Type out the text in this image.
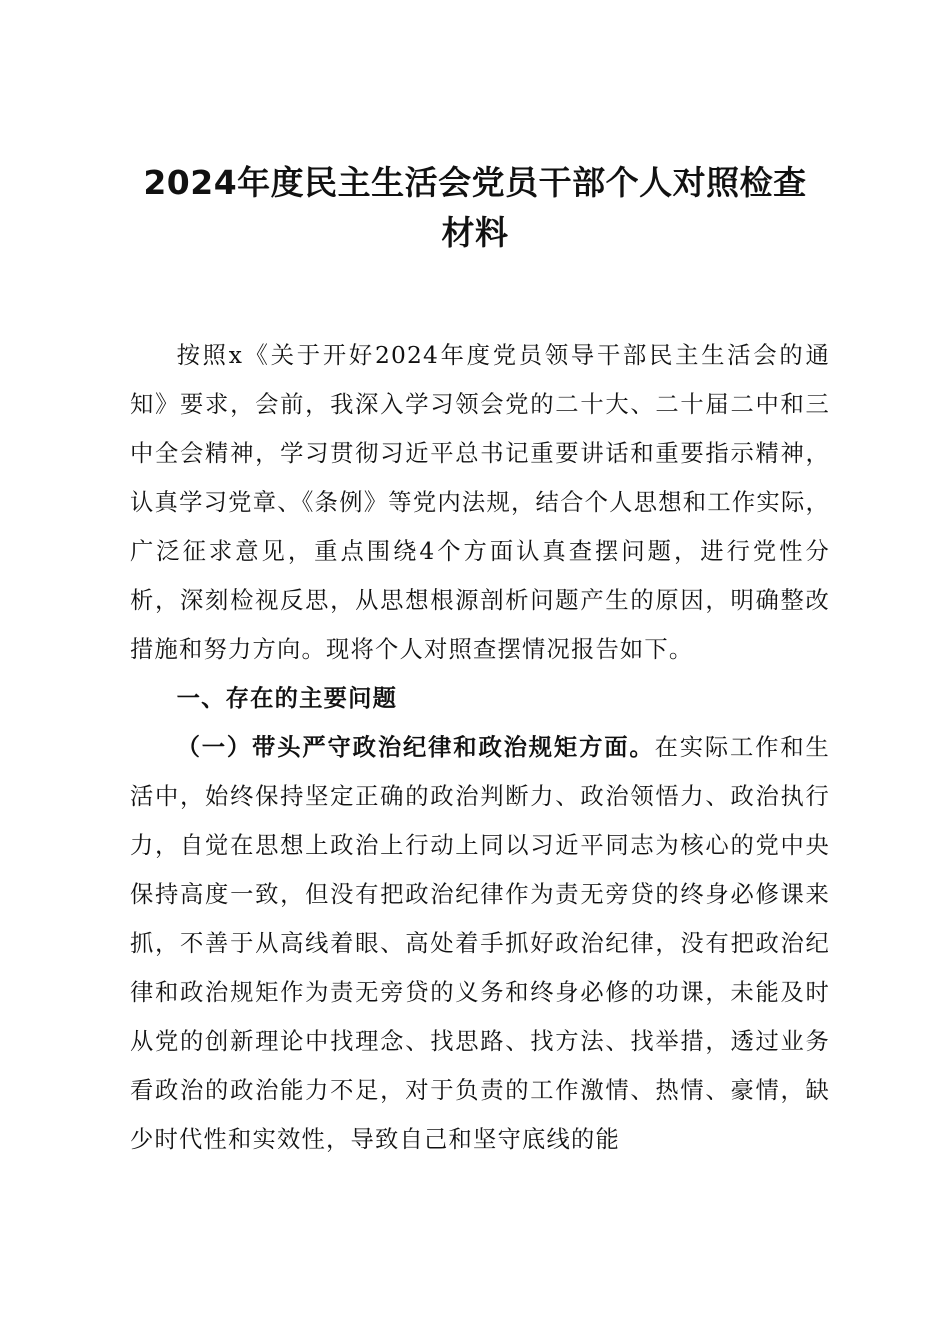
2024年度民主生活会党员干部个人对照检查
材料

按照x《关于开好2024年度党员领导干部民主生活会的通知》要求，会前，我深入学习领会党的二十大、二十届二中和三中全会精神，学习贯彻习近平总书记重要讲话和重要指示精神，认真学习党章、《条例》等党内法规，结合个人思想和工作实际，广泛征求意见，重点围绕4个方面认真查摆问题，进行党性分析，深刻检视反思，从思想根源剖析问题产生的原因，明确整改措施和努力方向。现将个人对照查摆情况报告如下。

一、存在的主要问题

（一）带头严守政治纪律和政治规矩方面。在实际工作和生活中，始终保持坚定正确的政治判断力、政治领悟力、政治执行力，自觉在思想上政治上行动上同以习近平同志为核心的党中央保持高度一致，但没有把政治纪律作为责无旁贷的终身必修课来抓，不善于从高线着眼、高处着手抓好政治纪律，没有把政治纪律和政治规矩作为责无旁贷的义务和终身必修的功课，未能及时从党的创新理论中找理念、找思路、找方法、找举措，透过业务看政治的政治能力不足，对于负责的工作激情、热情、豪情，缺少时代性和实效性，导致自己和坚守底线的能
